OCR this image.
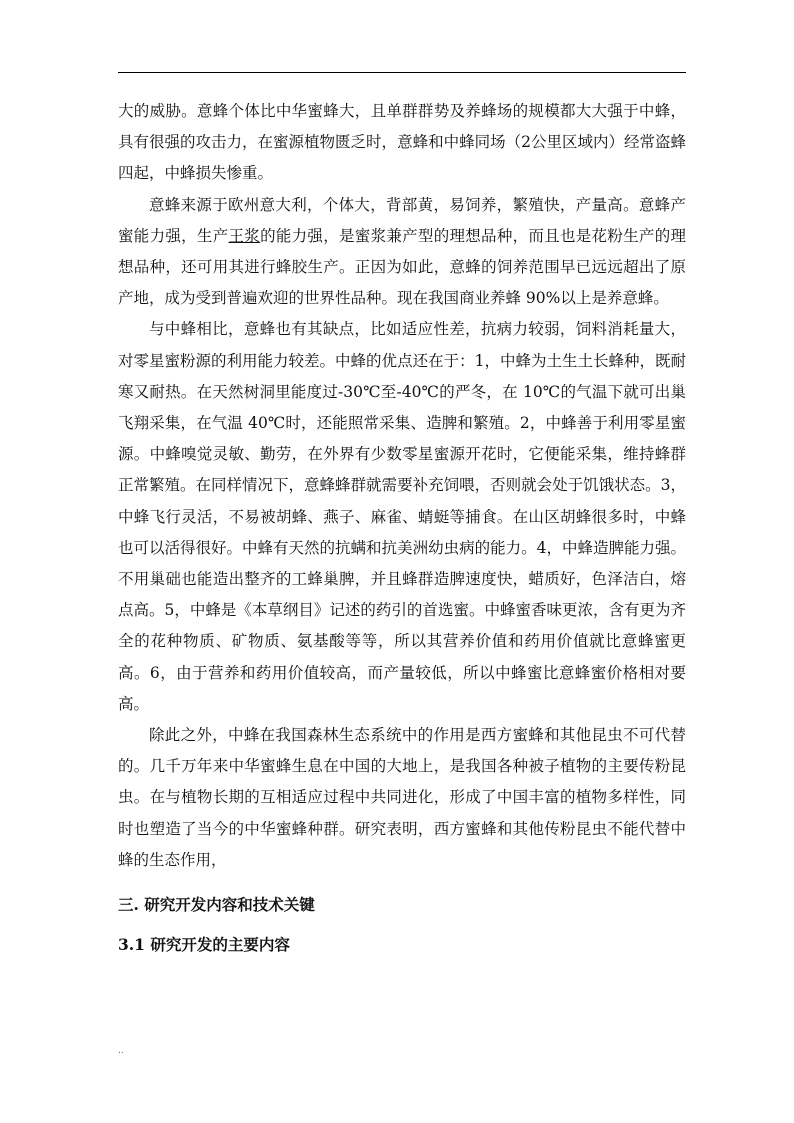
大的威胁。意蜂个体比中华蜜蜂大，且单群群势及养蜂场的规模都大大强于中蜂，具有很强的攻击力，在蜜源植物匮乏时，意蜂和中蜂同场（2公里区域内）经常盗蜂四起，中蜂损失惨重。

意蜂来源于欧州意大利，个体大，背部黄，易饲养，繁殖快，产量高。意蜂产蜜能力强，生产王浆的能力强，是蜜浆兼产型的理想品种，而且也是花粉生产的理想品种，还可用其进行蜂胶生产。正因为如此，意蜂的饲养范围早已远远超出了原产地，成为受到普遍欢迎的世界性品种。现在我国商业养蜂 90%以上是养意蜂。

与中蜂相比，意蜂也有其缺点，比如适应性差，抗病力较弱，饲料消耗量大，对零星蜜粉源的利用能力较差。中蜂的优点还在于：1，中蜂为土生土长蜂种，既耐寒又耐热。在天然树洞里能度过-30℃至-40℃的严冬，在 10℃的气温下就可出巢飞翔采集，在气温 40℃时，还能照常采集、造脾和繁殖。2，中蜂善于利用零星蜜源。中蜂嗅觉灵敏、勤劳，在外界有少数零星蜜源开花时，它便能采集，维持蜂群正常繁殖。在同样情况下，意蜂蜂群就需要补充饲喂，否则就会处于饥饿状态。3，中蜂飞行灵活，不易被胡蜂、燕子、麻雀、蜻蜓等捕食。在山区胡蜂很多时，中蜂也可以活得很好。中蜂有天然的抗螨和抗美洲幼虫病的能力。4，中蜂造脾能力强。不用巢础也能造出整齐的工蜂巢脾，并且蜂群造脾速度快，蜡质好，色泽洁白，熔点高。5，中蜂是《本草纲目》记述的药引的首选蜜。中蜂蜜香味更浓，含有更为齐全的花种物质、矿物质、氨基酸等等，所以其营养价值和药用价值就比意蜂蜜更高。6，由于营养和药用价值较高，而产量较低，所以中蜂蜜比意蜂蜜价格相对要高。

除此之外，中蜂在我国森林生态系统中的作用是西方蜜蜂和其他昆虫不可代替的。几千万年来中华蜜蜂生息在中国的大地上，是我国各种被子植物的主要传粉昆虫。在与植物长期的互相适应过程中共同进化，形成了中国丰富的植物多样性，同时也塑造了当今的中华蜜蜂种群。研究表明，西方蜜蜂和其他传粉昆虫不能代替中蜂的生态作用，

三. 研究开发内容和技术关键

3.1 研究开发的主要内容

..
